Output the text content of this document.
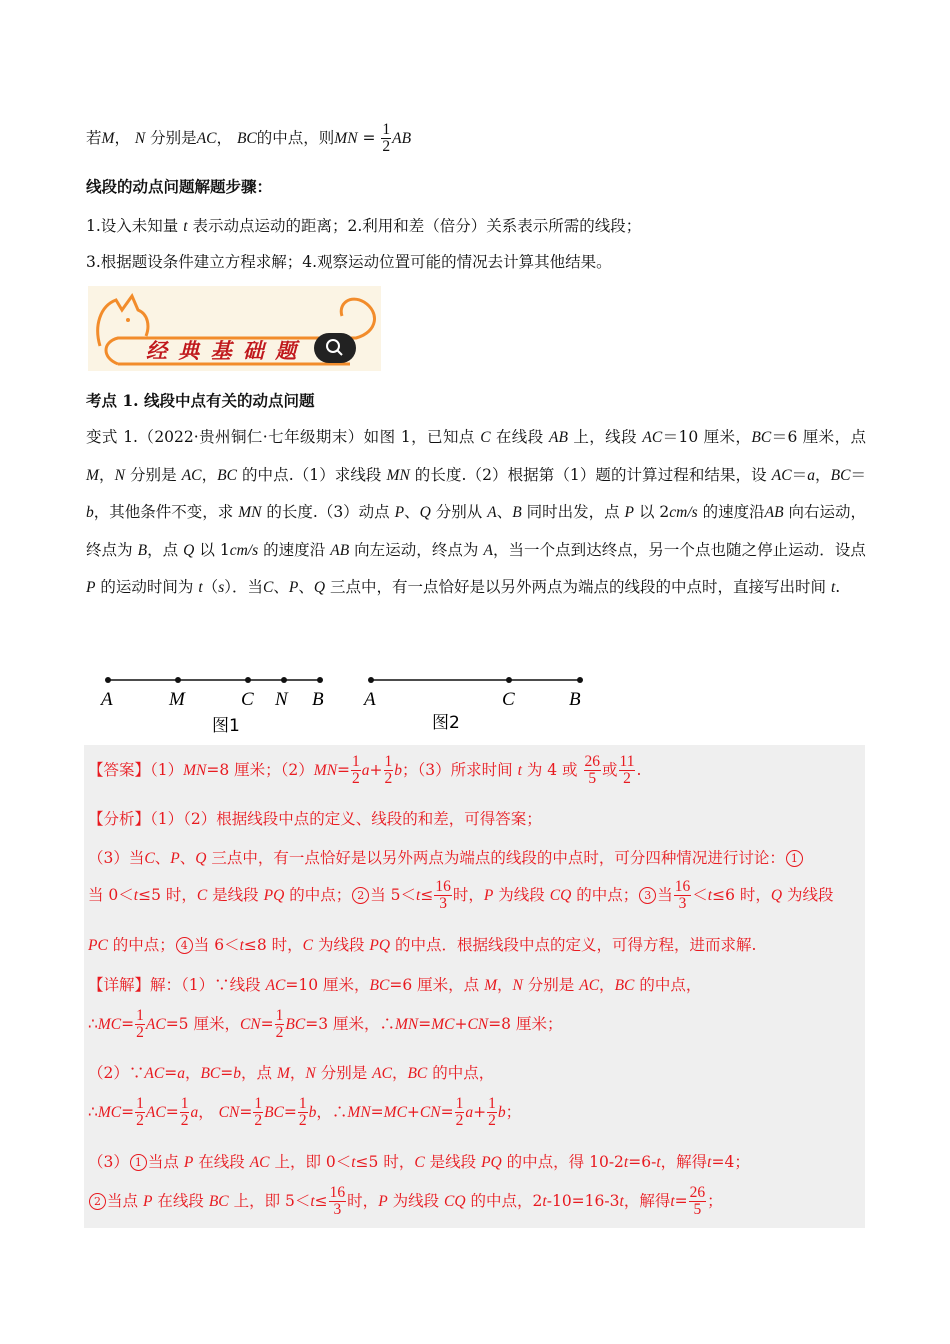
若M， N 分别是AC， BC的中点，则MN = $\frac{1}{2}$ AB
线段的动点问题解题步骤：
1.设入未知量 t 表示动点运动的距离；2.利用和差（倍分）关系表示所需的线段；
3.根据题设条件建立方程求解；4.观察运动位置可能的情况去计算其他结果。
经 典 基 础 题
考点 1. 线段中点有关的动点问题
变式 1.（2022·贵州铜仁·七年级期末）如图 1，已知点 C 在线段 AB 上，线段 AC＝10 厘米，BC＝6 厘米，点 M，N 分别是 AC，BC 的中点.（1）求线段 MN 的长度.（2）根据第（1）题的计算过程和结果，设 AC＝a，BC＝b，其他条件不变，求 MN 的长度.（3）动点 P、Q 分别从 A、B 同时出发，点 P 以 2cm/s 的速度沿AB 向右运动，终点为 B，点 Q 以 1cm/s 的速度沿 AB 向左运动，终点为 A，当一个点到达终点，另一个点也随之停止运动．设点 P 的运动时间为 t（s）．当C、P、Q 三点中，有一点恰好是以另外两点为端点的线段的中点时，直接写出时间 t.
A	M	C N B
图1
A	C	B
图2
【答案】（1）MN=8 厘米；$(2)MN= \frac{1}{2} a+ \frac{1}{2}$ b；（3）所求时间 t 为 4 或 $\frac{26}{5}$ 或 $\frac{11}{2}$ .
【分析】（1）（2）根据线段中点的定义、线段的和差，可得答案；
（3）当C、P、Q 三点中，有一点恰好是以另外两点为端点的线段的中点时，可分四种情况进行讨论： 1
当 0＜t≤5 时，C 是线段 PQ 的中点； 2 当 $5<t\le \frac{16}{3}$ 时，P 为线段 CQ 的中点； 3 当 $\frac{16}{3} <t\le 6$ 时，Q 为线段
PC 的中点； 4 当 6＜t≤8 时，C 为线段 PQ 的中点．根据线段中点的定义，可得方程，进而求解.
【详解】解：（1）∵线段 AC=10 厘米，BC=6 厘米，点 M，N 分别是 AC，BC 的中点，
∴MC= $\frac{1}{2} AC=5$ 厘米，$CN= \frac{1}{2} BC=3$ 厘米，∴MN=MC+CN=8 厘米；
（2）∵AC=a，BC=b，点 M，N 分别是 AC，BC 的中点，
∴MC= $\frac{1}{2} AC= \frac{1}{2}$ a， $CN= \frac{1}{2} BC= \frac{1}{2}$ b，∴MN=MC+CN= $\frac{1}{2} a+ \frac{1}{2}$ b；
（3） 1 当点 P 在线段 AC 上，即 0＜t≤5 时，C 是线段 PQ 的中点，得 10-2t=6-t，解得t=4；
2 当点 P 在线段 BC 上，即 $5<t\le \frac{16}{3}$ 时，P 为线段 CQ 的中点，2t-10=16-3t，解得$t= \frac{26}{5}$ ；
